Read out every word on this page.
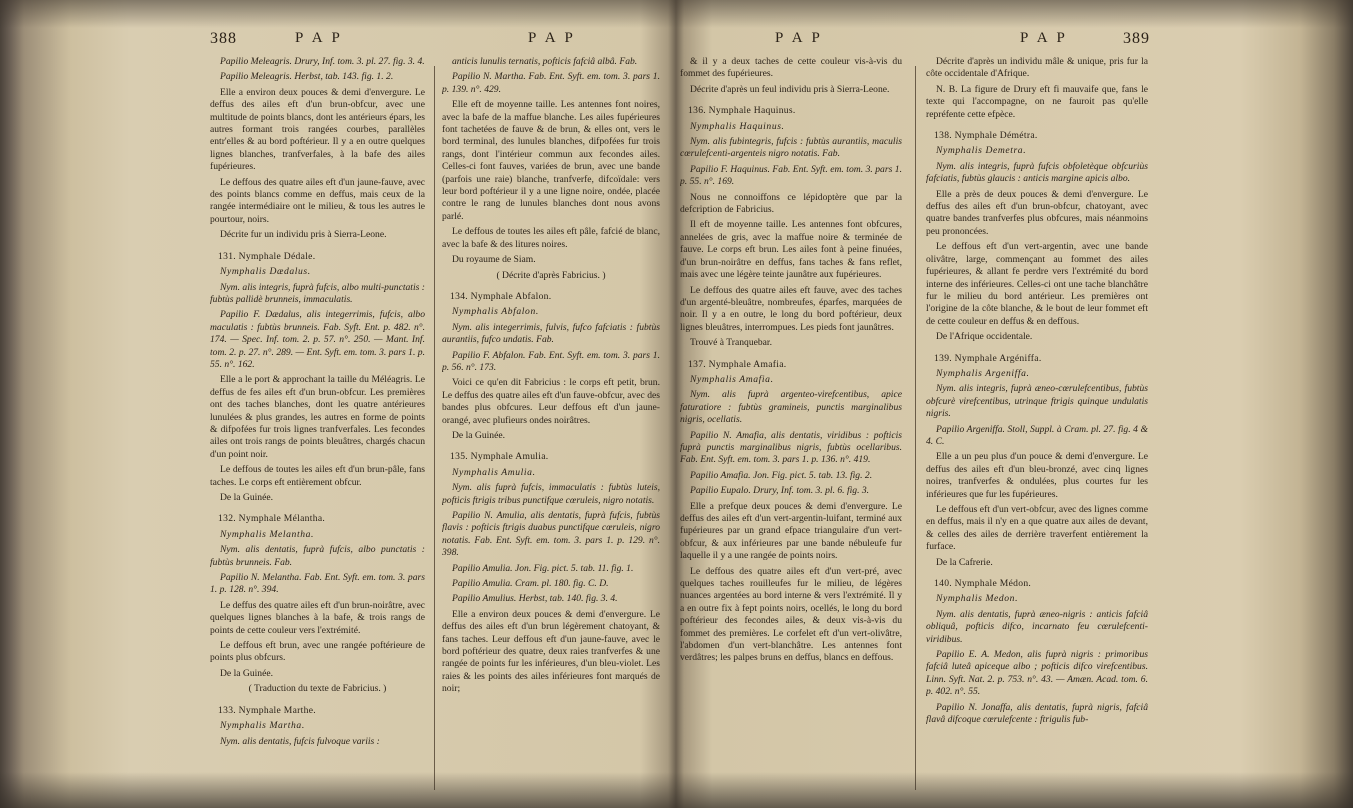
388	P A P	P A P

Papilio Meleagris. Drury, Inf. tom. 3. pl. 27. fig. 3. 4.

Papilio Meleagris. Herbst, tab. 143. fig. 1. 2.

Elle a environ deux pouces & demi d'envergure. Le deffus des ailes eft d'un brun-obfcur, avec une multitude de points blancs, dont les antérieurs épars, les autres formant trois rangées courbes, parallèles entr'elles & au bord poftérieur. Il y a en outre quelques lignes blanches, tranfverfales, à la bafe des ailes fupérieures.

Le deffous des quatre ailes eft d'un jaune-fauve, avec des points blancs comme en deffus, mais ceux de la rangée intermédiaire ont le milieu, & tous les autres le pourtour, noirs.

Décrite fur un individu pris à Sierra-Leone.

131. Nymphale Dédale.

Nymphalis Dædalus.

Nym. alis integris, fuprà fufcis, albo multi-punctatis : fubtùs pallidè brunneis, immaculatis.

Papilio F. Dædalus, alis integerrimis, fufcis, albo maculatis : fubtùs brunneis. Fab. Syft. Ent. p. 482. n°. 174. — Spec. Inf. tom. 2. p. 57. n°. 250. — Mant. Inf. tom. 2. p. 27. n°. 289. — Ent. Syft. em. tom. 3. pars 1. p. 55. n°. 162.

Elle a le port & approchant la taille du Méléagris. Le deffus de fes ailes eft d'un brun-obfcur. Les premières ont des taches blanches, dont les quatre antérieures lunulées & plus grandes, les autres en forme de points & difpofées fur trois lignes tranfverfales. Les fecondes ailes ont trois rangs de points bleuâtres, chargés chacun d'un point noir.

Le deffous de toutes les ailes eft d'un brun-pâle, fans taches. Le corps eft entièrement obfcur.

De la Guinée.

132. Nymphale Mélantha.

Nymphalis Melantha.

Nym. alis dentatis, fuprà fufcis, albo punctatis : fubtùs brunneis. Fab.

Papilio N. Melantha. Fab. Ent. Syft. em. tom. 3. pars 1. p. 128. n°. 394.

Le deffus des quatre ailes eft d'un brun-noirâtre, avec quelques lignes blanches à la bafe, & trois rangs de points de cette couleur vers l'extrémité.

Le deffous eft brun, avec une rangée poftérieure de points plus obfcurs.

De la Guinée.

( Traduction du texte de Fabricius. )

133. Nymphale Marthe.

Nymphalis Martha.

Nym. alis dentatis, fufcis fulvoque variis :

anticis lunulis ternatis, pofticis fafciâ albâ. Fab.

Papilio N. Martha. Fab. Ent. Syft. em. tom. 3. pars 1. p. 139. n°. 429.

Elle eft de moyenne taille. Les antennes font noires, avec la bafe de la maffue blanche. Les ailes fupérieures font tachetées de fauve & de brun, & elles ont, vers le bord terminal, des lunules blanches, difpofées fur trois rangs, dont l'intérieur commun aux fecondes ailes. Celles-ci font fauves, variées de brun, avec une bande (parfois une raie) blanche, tranfverfe, difcoïdale: vers leur bord poftérieur il y a une ligne noire, ondée, placée contre le rang de lunules blanches dont nous avons parlé.

Le deffous de toutes les ailes eft pâle, fafcié de blanc, avec la bafe & des litures noires.

Du royaume de Siam.

( Décrite d'après Fabricius. )

134. Nymphale Abfalon.

Nymphalis Abfalon.

Nym. alis integerrimis, fulvis, fufco fafciatis : fubtùs aurantiis, fufco undatis. Fab.

Papilio F. Abfalon. Fab. Ent. Syft. em. tom. 3. pars 1. p. 56. n°. 173.

Voici ce qu'en dit Fabricius : le corps eft petit, brun. Le deffus des quatre ailes eft d'un fauve-obfcur, avec des bandes plus obfcures. Leur deffous eft d'un jaune-orangé, avec plufieurs ondes noirâtres.

De la Guinée.

135. Nymphale Amulia.

Nymphalis Amulia.

Nym. alis fuprà fufcis, immaculatis : fubtùs luteis, pofticis ftrigis tribus punctifque cœruleis, nigro notatis.

Papilio N. Amulia, alis dentatis, fuprà fufcis, fubtùs flavis : pofticis ftrigis duabus punctifque cœruleis, nigro notatis. Fab. Ent. Syft. em. tom. 3. pars 1. p. 129. n°. 398.

Papilio Amulia. Jon. Fig. pict. 5. tab. 11. fig. 1.

Papilio Amulia. Cram. pl. 180. fig. C. D.

Papilio Amulius. Herbst, tab. 140. fig. 3. 4.

Elle a environ deux pouces & demi d'envergure. Le deffus des ailes eft d'un brun légèrement chatoyant, & fans taches. Leur deffous eft d'un jaune-fauve, avec le bord poftérieur des quatre, deux raies tranfverfes & une rangée de points fur les inférieures, d'un bleu-violet. Les raies & les points des ailes inférieures font marqués de noir;

P A P	P A P	389

& il y a deux taches de cette couleur vis-à-vis du fommet des fupérieures.

Décrite d'après un feul individu pris à Sierra-Leone.

136. Nymphale Haquinus.

Nymphalis Haquinus.

Nym. alis fubintegris, fufcis : fubtùs aurantiis, maculis cœrulefcenti-argenteis nigro notatis. Fab.

Papilio F. Haquinus. Fab. Ent. Syft. em. tom. 3. pars 1. p. 55. n°. 169.

Nous ne connoiffons ce lépidoptère que par la defcription de Fabricius.

Il eft de moyenne taille. Les antennes font obfcures, annelées de gris, avec la maffue noire & terminée de fauve. Le corps eft brun. Les ailes font à peine finuées, d'un brun-noirâtre en deffus, fans taches & fans reflet, mais avec une légère teinte jaunâtre aux fupérieures.

Le deffous des quatre ailes eft fauve, avec des taches d'un argenté-bleuâtre, nombreufes, éparfes, marquées de noir. Il y a en outre, le long du bord poftérieur, deux lignes bleuâtres, interrompues. Les pieds font jaunâtres.

Trouvé à Tranquebar.

137. Nymphale Amafia.

Nymphalis Amafia.

Nym. alis fuprà argenteo-virefcentibus, apice faturatiore : fubtùs gramineis, punctis marginalibus nigris, ocellatis.

Papilio N. Amafia, alis dentatis, viridibus : pofticis fuprà punctis marginalibus nigris, fubtùs ocellaribus. Fab. Ent. Syft. em. tom. 3. pars 1. p. 136. n°. 419.

Papilio Amafia. Jon. Fig. pict. 5. tab. 13. fig. 2.

Papilio Eupalo. Drury, Inf. tom. 3. pl. 6. fig. 3.

Elle a prefque deux pouces & demi d'envergure. Le deffus des ailes eft d'un vert-argentin-luifant, terminé aux fupérieures par un grand efpace triangulaire d'un vert-obfcur, & aux inférieures par une bande nébuleufe fur laquelle il y a une rangée de points noirs.

Le deffous des quatre ailes eft d'un vert-pré, avec quelques taches rouilleufes fur le milieu, de légères nuances argentées au bord interne & vers l'extrémité. Il y a en outre fix à fept points noirs, ocellés, le long du bord poftérieur des fecondes ailes, & deux vis-à-vis du fommet des premières. Le corfelet eft d'un vert-olivâtre, l'abdomen d'un vert-blanchâtre. Les antennes font verdâtres; les palpes bruns en deffus, blancs en deffous.

Décrite d'après un individu mâle & unique, pris fur la côte occidentale d'Afrique.

N. B. La figure de Drury eft fi mauvaife que, fans le texte qui l'accompagne, on ne fauroit pas qu'elle repréfente cette efpèce.

138. Nymphale Démétra.

Nymphalis Demetra.

Nym. alis integris, fuprà fufcis obfoletèque obfcuriùs fafciatis, fubtùs glaucis : anticis margine apicis albo.

Elle a près de deux pouces & demi d'envergure. Le deffus des ailes eft d'un brun-obfcur, chatoyant, avec quatre bandes tranfverfes plus obfcures, mais néanmoins peu prononcées.

Le deffous eft d'un vert-argentin, avec une bande olivâtre, large, commençant au fommet des ailes fupérieures, & allant fe perdre vers l'extrémité du bord interne des inférieures. Celles-ci ont une tache blanchâtre fur le milieu du bord antérieur. Les premières ont l'origine de la côte blanche, & le bout de leur fommet eft de cette couleur en deffus & en deffous.

De l'Afrique occidentale.

139. Nymphale Argéniffa.

Nymphalis Argeniffa.

Nym. alis integris, fuprà æneo-cœrulefcentibus, fubtùs obfcurè virefcentibus, utrinque ftrigis quinque undulatis nigris.

Papilio Argeniffa. Stoll, Suppl. à Cram. pl. 27. fig. 4 & 4. C.

Elle a un peu plus d'un pouce & demi d'envergure. Le deffus des ailes eft d'un bleu-bronzé, avec cinq lignes noires, tranfverfes & ondulées, plus courtes fur les inférieures que fur les fupérieures.

Le deffous eft d'un vert-obfcur, avec des lignes comme en deffus, mais il n'y en a que quatre aux ailes de devant, & celles des ailes de derrière traverfent entièrement la furface.

De la Cafrerie.

140. Nymphale Médon.

Nymphalis Medon.

Nym. alis dentatis, fuprà æneo-nigris : anticis fafciâ obliquâ, pofticis difco, incarnato feu cœrulefcenti-viridibus.

Papilio E. A. Medon, alis fuprà nigris : primoribus fafciâ luteâ apiceque albo ; pofticis difco virefcentibus. Linn. Syft. Nat. 2. p. 753. n°. 43. — Amæn. Acad. tom. 6. p. 402. n°. 55.

Papilio N. Jonaffa, alis dentatis, fuprà nigris, fafciâ flavâ difcoque cœrulefcente : ftrigulis fub-
